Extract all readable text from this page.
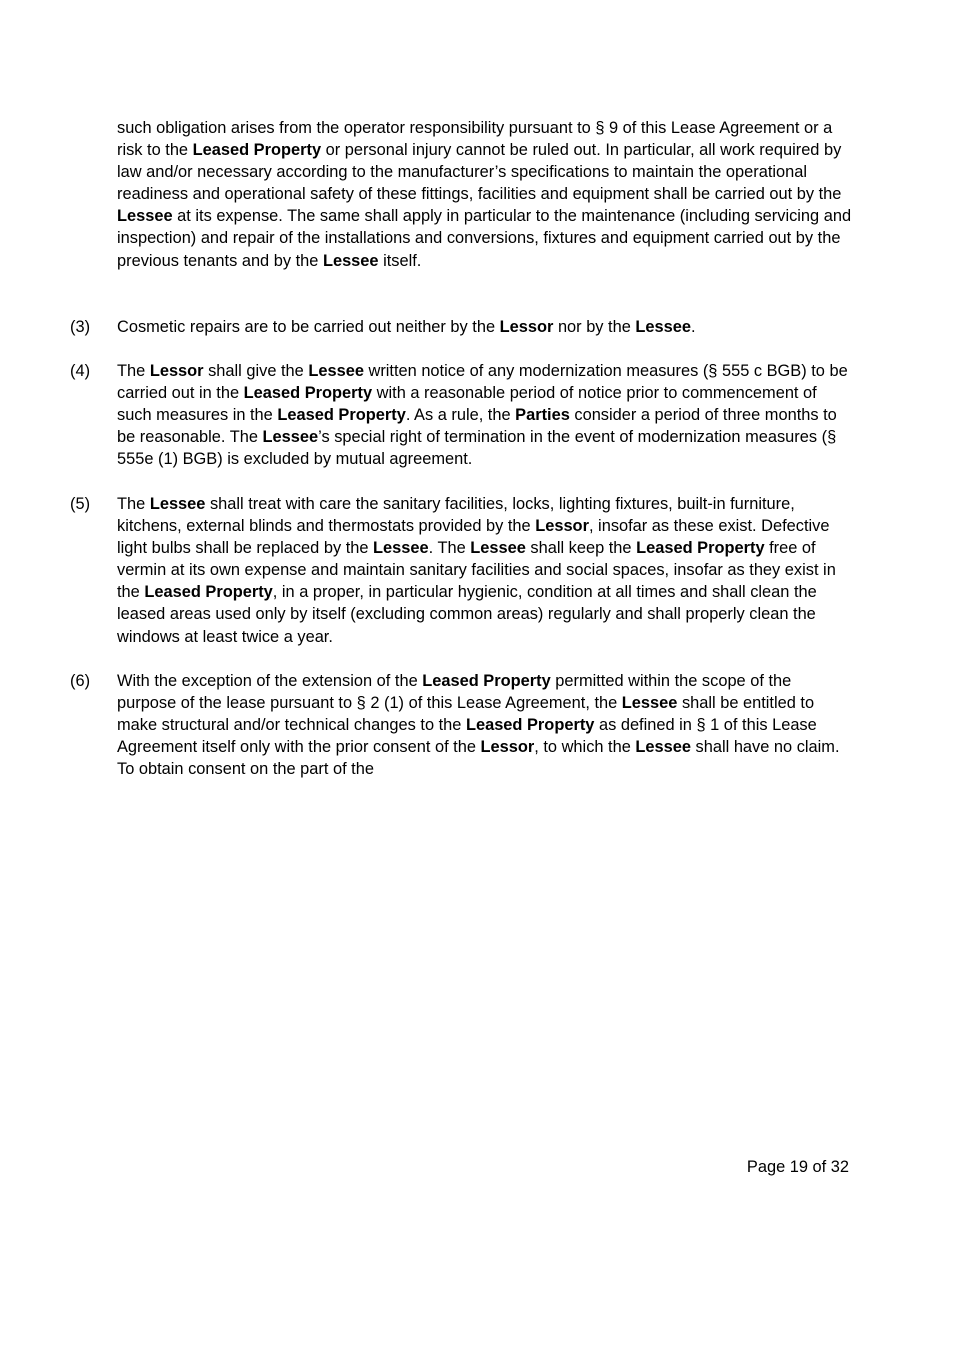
such obligation arises from the operator responsibility pursuant to § 9 of this Lease Agreement or a risk to the Leased Property or personal injury cannot be ruled out. In particular, all work required by law and/or necessary according to the manufacturer’s specifications to maintain the operational readiness and operational safety of these fittings, facilities and equipment shall be carried out by the Lessee at its expense. The same shall apply in particular to the maintenance (including servicing and inspection) and repair of the installations and conversions, fixtures and equipment carried out by the previous tenants and by the Lessee itself.
(3) Cosmetic repairs are to be carried out neither by the Lessor nor by the Lessee.
(4) The Lessor shall give the Lessee written notice of any modernization measures (§ 555 c BGB) to be carried out in the Leased Property with a reasonable period of notice prior to commencement of such measures in the Leased Property. As a rule, the Parties consider a period of three months to be reasonable. The Lessee’s special right of termination in the event of modernization measures (§ 555e (1) BGB) is excluded by mutual agreement.
(5) The Lessee shall treat with care the sanitary facilities, locks, lighting fixtures, built-in furniture, kitchens, external blinds and thermostats provided by the Lessor, insofar as these exist. Defective light bulbs shall be replaced by the Lessee. The Lessee shall keep the Leased Property free of vermin at its own expense and maintain sanitary facilities and social spaces, insofar as they exist in the Leased Property, in a proper, in particular hygienic, condition at all times and shall clean the leased areas used only by itself (excluding common areas) regularly and shall properly clean the windows at least twice a year.
(6) With the exception of the extension of the Leased Property permitted within the scope of the purpose of the lease pursuant to § 2 (1) of this Lease Agreement, the Lessee shall be entitled to make structural and/or technical changes to the Leased Property as defined in § 1 of this Lease Agreement itself only with the prior consent of the Lessor, to which the Lessee shall have no claim. To obtain consent on the part of the
Page 19 of 32
